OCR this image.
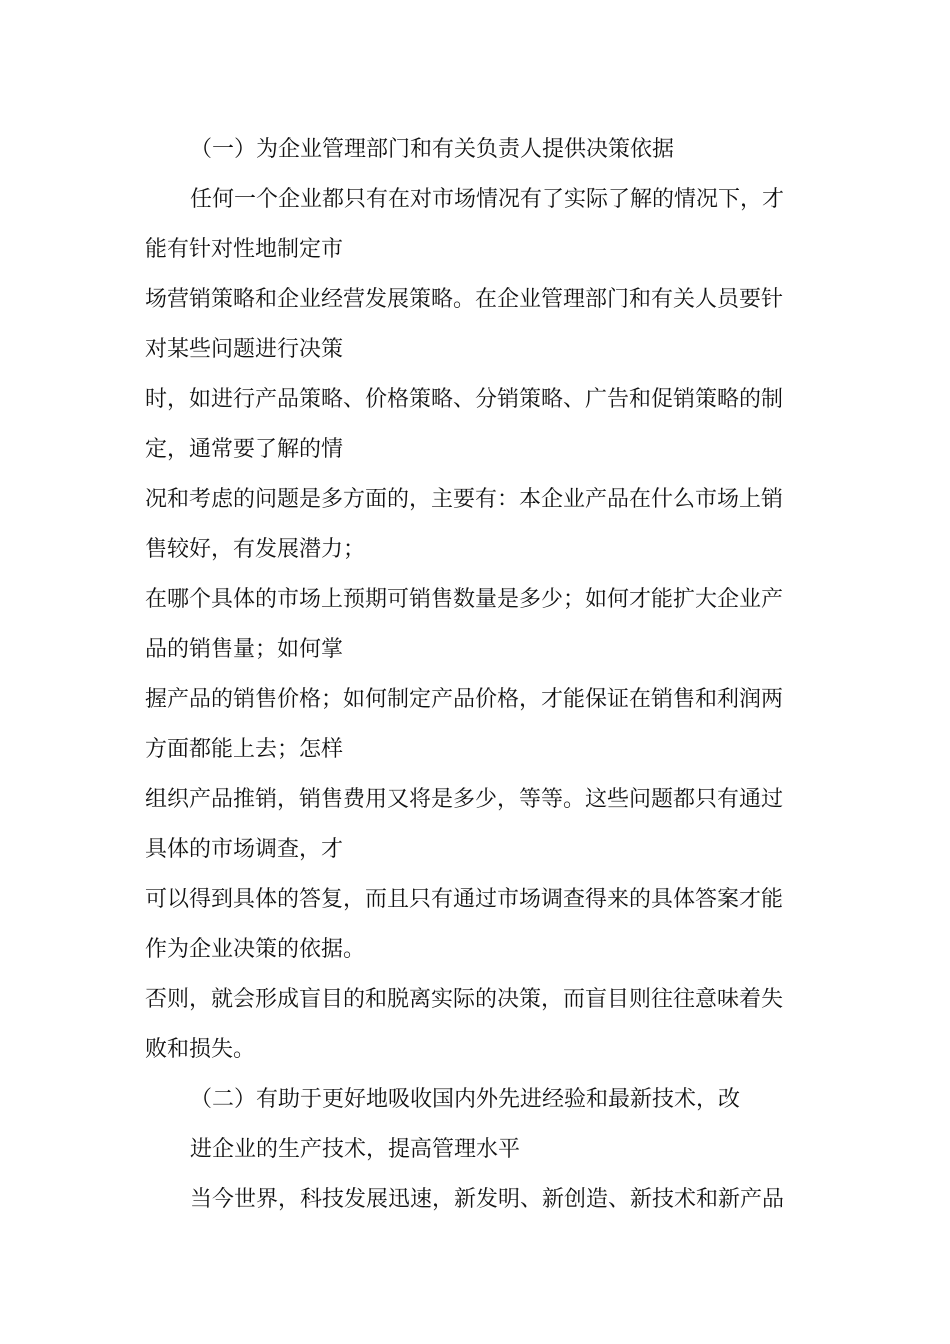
（一）为企业管理部门和有关负责人提供决策依据
任何一个企业都只有在对市场情况有了实际了解的情况下，才
能有针对性地制定市
场营销策略和企业经营发展策略。在企业管理部门和有关人员要针
对某些问题进行决策
时，如进行产品策略、价格策略、分销策略、广告和促销策略的制
定，通常要了解的情
况和考虑的问题是多方面的，主要有：本企业产品在什么市场上销
售较好，有发展潜力；
在哪个具体的市场上预期可销售数量是多少；如何才能扩大企业产
品的销售量；如何掌
握产品的销售价格；如何制定产品价格，才能保证在销售和利润两
方面都能上去；怎样
组织产品推销，销售费用又将是多少，等等。这些问题都只有通过
具体的市场调查，才
可以得到具体的答复，而且只有通过市场调查得来的具体答案才能
作为企业决策的依据。
否则，就会形成盲目的和脱离实际的决策，而盲目则往往意味着失
败和损失。
（二）有助于更好地吸收国内外先进经验和最新技术，改
进企业的生产技术，提高管理水平
当今世界，科技发展迅速，新发明、新创造、新技术和新产品
